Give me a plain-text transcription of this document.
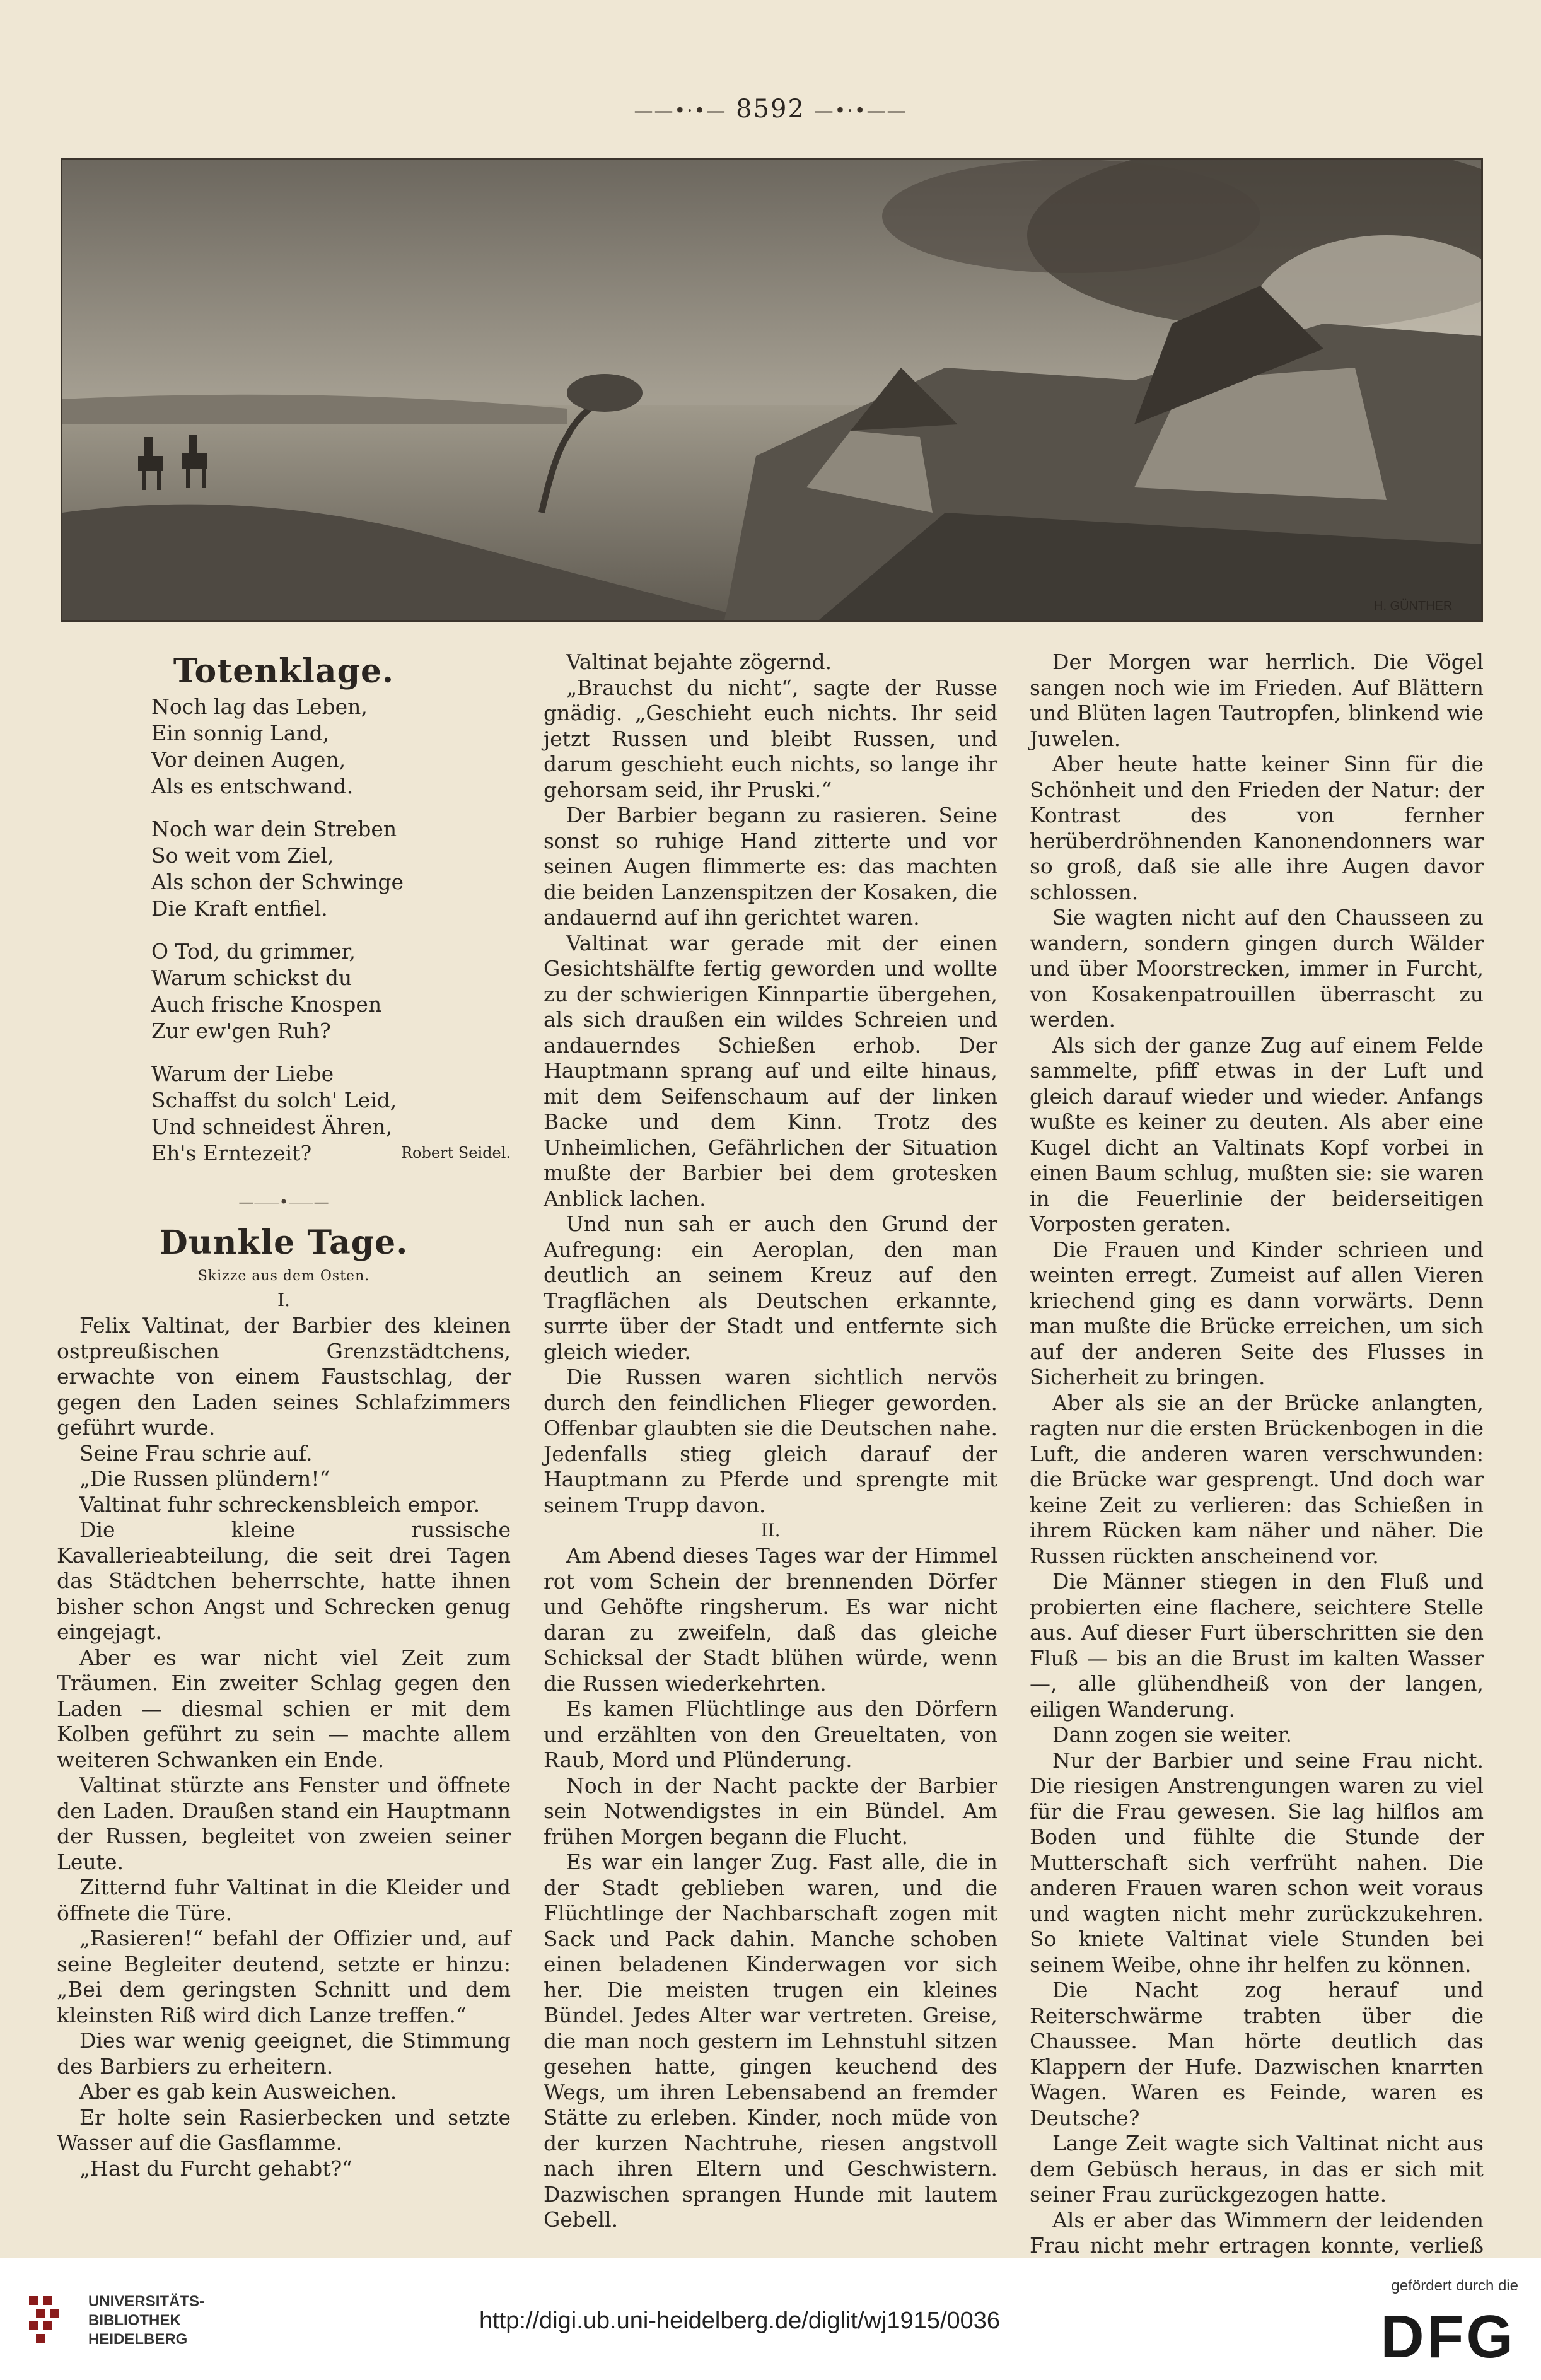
——•·•— 8592 —•·•——
H. GÜNTHER
Totenklage.
Noch lag das Leben,
Ein sonnig Land,
Vor deinen Augen,
Als es entschwand.
Noch war dein Streben
So weit vom Ziel,
Als schon der Schwinge
Die Kraft entfiel.
O Tod, du grimmer,
Warum schickst du
Auch frische Knospen
Zur ew'gen Ruh?
Warum der Liebe
Schaffst du solch' Leid,
Und schneidest Ähren,
Eh's Erntezeit?	Robert Seidel.
—⸺•⸺—
Dunkle Tage.
Skizze aus dem Osten.
I.

Felix Valtinat, der Barbier des kleinen ostpreußischen Grenzstädtchens, erwachte von einem Faustschlag, der gegen den Laden seines Schlafzimmers geführt wurde.

Seine Frau schrie auf.

„Die Russen plündern!“

Valtinat fuhr schreckensbleich empor.

Die kleine russische Kavallerieabteilung, die seit drei Tagen das Städtchen beherrschte, hatte ihnen bisher schon Angst und Schrecken genug eingejagt.

Aber es war nicht viel Zeit zum Träumen. Ein zweiter Schlag gegen den Laden — diesmal schien er mit dem Kolben geführt zu sein — machte allem weiteren Schwanken ein Ende.

Valtinat stürzte ans Fenster und öffnete den Laden. Draußen stand ein Hauptmann der Russen, begleitet von zweien seiner Leute.

Zitternd fuhr Valtinat in die Kleider und öffnete die Türe.

„Rasieren!“ befahl der Offizier und, auf seine Begleiter deutend, setzte er hinzu: „Bei dem geringsten Schnitt und dem kleinsten Riß wird dich Lanze treffen.“

Dies war wenig geeignet, die Stimmung des Barbiers zu erheitern.

Aber es gab kein Ausweichen.

Er holte sein Rasierbecken und setzte Wasser auf die Gasflamme.

„Hast du Furcht gehabt?“

Valtinat bejahte zögernd.

„Brauchst du nicht“, sagte der Russe gnädig. „Geschieht euch nichts. Ihr seid jetzt Russen und bleibt Russen, und darum geschieht euch nichts, so lange ihr gehorsam seid, ihr Pruski.“

Der Barbier begann zu rasieren. Seine sonst so ruhige Hand zitterte und vor seinen Augen flimmerte es: das machten die beiden Lanzenspitzen der Kosaken, die andauernd auf ihn gerichtet waren.

Valtinat war gerade mit der einen Gesichtshälfte fertig geworden und wollte zu der schwierigen Kinnpartie übergehen, als sich draußen ein wildes Schreien und andauerndes Schießen erhob. Der Hauptmann sprang auf und eilte hinaus, mit dem Seifenschaum auf der linken Backe und dem Kinn. Trotz des Unheimlichen, Gefährlichen der Situation mußte der Barbier bei dem grotesken Anblick lachen.

Und nun sah er auch den Grund der Aufregung: ein Aeroplan, den man deutlich an seinem Kreuz auf den Tragflächen als Deutschen erkannte, surrte über der Stadt und entfernte sich gleich wieder.

Die Russen waren sichtlich nervös durch den feindlichen Flieger geworden. Offenbar glaubten sie die Deutschen nahe. Jedenfalls stieg gleich darauf der Hauptmann zu Pferde und sprengte mit seinem Trupp davon.

II.

Am Abend dieses Tages war der Himmel rot vom Schein der brennenden Dörfer und Gehöfte ringsherum. Es war nicht daran zu zweifeln, daß das gleiche Schicksal der Stadt blühen würde, wenn die Russen wiederkehrten.

Es kamen Flüchtlinge aus den Dörfern und erzählten von den Greueltaten, von Raub, Mord und Plünderung.

Noch in der Nacht packte der Barbier sein Notwendigstes in ein Bündel. Am frühen Morgen begann die Flucht.

Es war ein langer Zug. Fast alle, die in der Stadt geblieben waren, und die Flüchtlinge der Nachbarschaft zogen mit Sack und Pack dahin. Manche schoben einen beladenen Kinderwagen vor sich her. Die meisten trugen ein kleines Bündel. Jedes Alter war vertreten. Greise, die man noch gestern im Lehnstuhl sitzen gesehen hatte, gingen keuchend des Wegs, um ihren Lebensabend an fremder Stätte zu erleben. Kinder, noch müde von der kurzen Nachtruhe, riesen angstvoll nach ihren Eltern und Geschwistern. Dazwischen sprangen Hunde mit lautem Gebell.

Der Morgen war herrlich. Die Vögel sangen noch wie im Frieden. Auf Blättern und Blüten lagen Tautropfen, blinkend wie Juwelen.

Aber heute hatte keiner Sinn für die Schönheit und den Frieden der Natur: der Kontrast des von fernher herüberdröhnenden Kanonendonners war so groß, daß sie alle ihre Augen davor schlossen.

Sie wagten nicht auf den Chausseen zu wandern, sondern gingen durch Wälder und über Moorstrecken, immer in Furcht, von Kosakenpatrouillen überrascht zu werden.

Als sich der ganze Zug auf einem Felde sammelte, pfiff etwas in der Luft und gleich darauf wieder und wieder. Anfangs wußte es keiner zu deuten. Als aber eine Kugel dicht an Valtinats Kopf vorbei in einen Baum schlug, mußten sie: sie waren in die Feuerlinie der beiderseitigen Vorposten geraten.

Die Frauen und Kinder schrieen und weinten erregt. Zumeist auf allen Vieren kriechend ging es dann vorwärts. Denn man mußte die Brücke erreichen, um sich auf der anderen Seite des Flusses in Sicherheit zu bringen.

Aber als sie an der Brücke anlangten, ragten nur die ersten Brückenbogen in die Luft, die anderen waren verschwunden: die Brücke war gesprengt. Und doch war keine Zeit zu verlieren: das Schießen in ihrem Rücken kam näher und näher. Die Russen rückten anscheinend vor.

Die Männer stiegen in den Fluß und probierten eine flachere, seichtere Stelle aus. Auf dieser Furt überschritten sie den Fluß — bis an die Brust im kalten Wasser —, alle glühendheiß von der langen, eiligen Wanderung.

Dann zogen sie weiter.

Nur der Barbier und seine Frau nicht. Die riesigen Anstrengungen waren zu viel für die Frau gewesen. Sie lag hilflos am Boden und fühlte die Stunde der Mutterschaft sich verfrüht nahen. Die anderen Frauen waren schon weit voraus und wagten nicht mehr zurückzukehren. So kniete Valtinat viele Stunden bei seinem Weibe, ohne ihr helfen zu können.

Die Nacht zog herauf und Reiterschwärme trabten über die Chaussee. Man hörte deutlich das Klappern der Hufe. Dazwischen knarrten Wagen. Waren es Feinde, waren es Deutsche?

Lange Zeit wagte sich Valtinat nicht aus dem Gebüsch heraus, in das er sich mit seiner Frau zurückgezogen hatte.

Als er aber das Wimmern der leidenden Frau nicht mehr ertragen konnte, verließ

UNIVERSITÄTS-
BIBLIOTHEK
HEIDELBERG
http://digi.ub.uni-heidelberg.de/diglit/wj1915/0036
gefördert durch die
DFG
